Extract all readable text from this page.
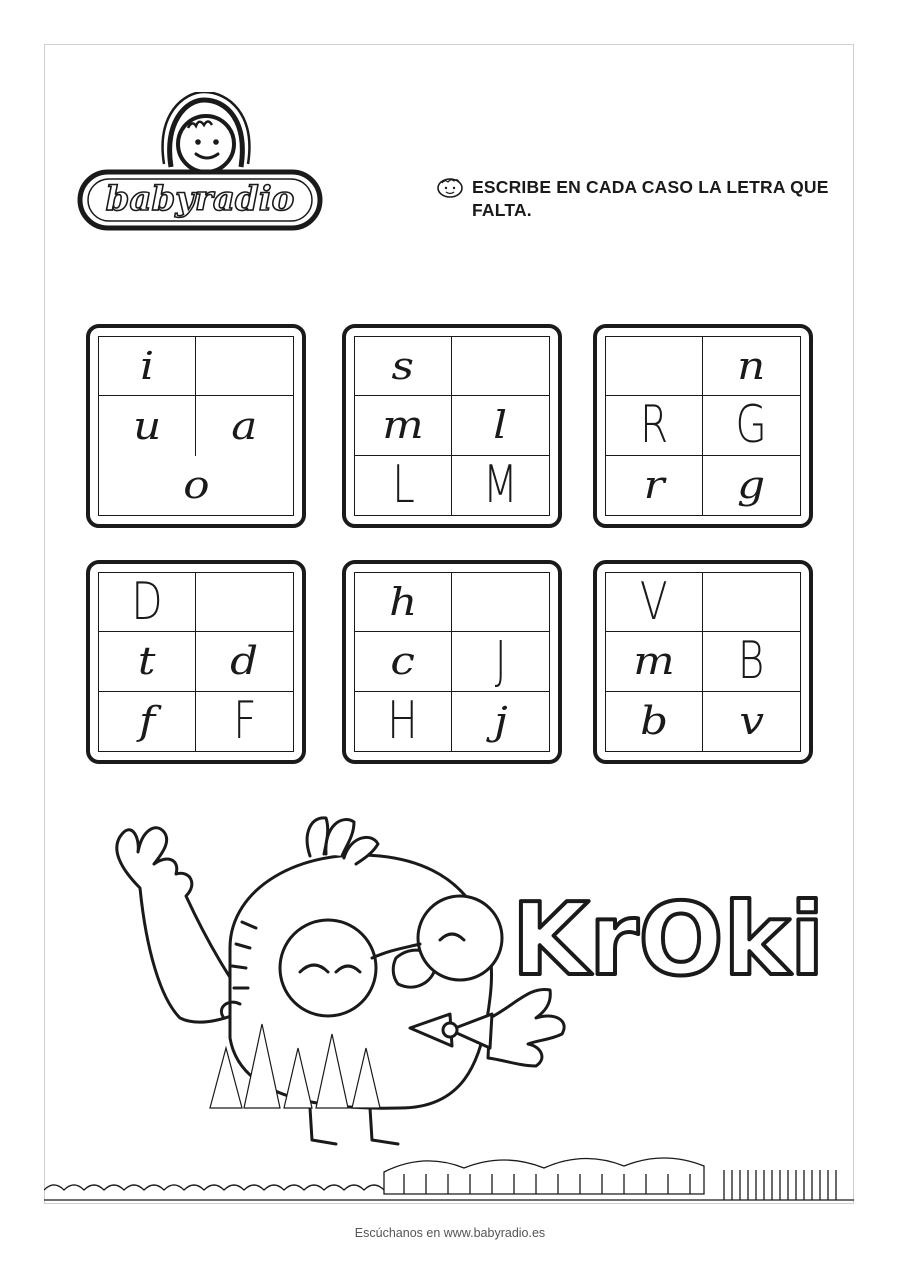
babyradio	ESCRIBE EN CADA CASO LA LETRA QUE FALTA.
i
u a
o
s
m l
L M
n
R G
r g
D
t d
f F
h
c J
H j
V
m B
b v
KrOki
Escúchanos en www.babyradio.es
